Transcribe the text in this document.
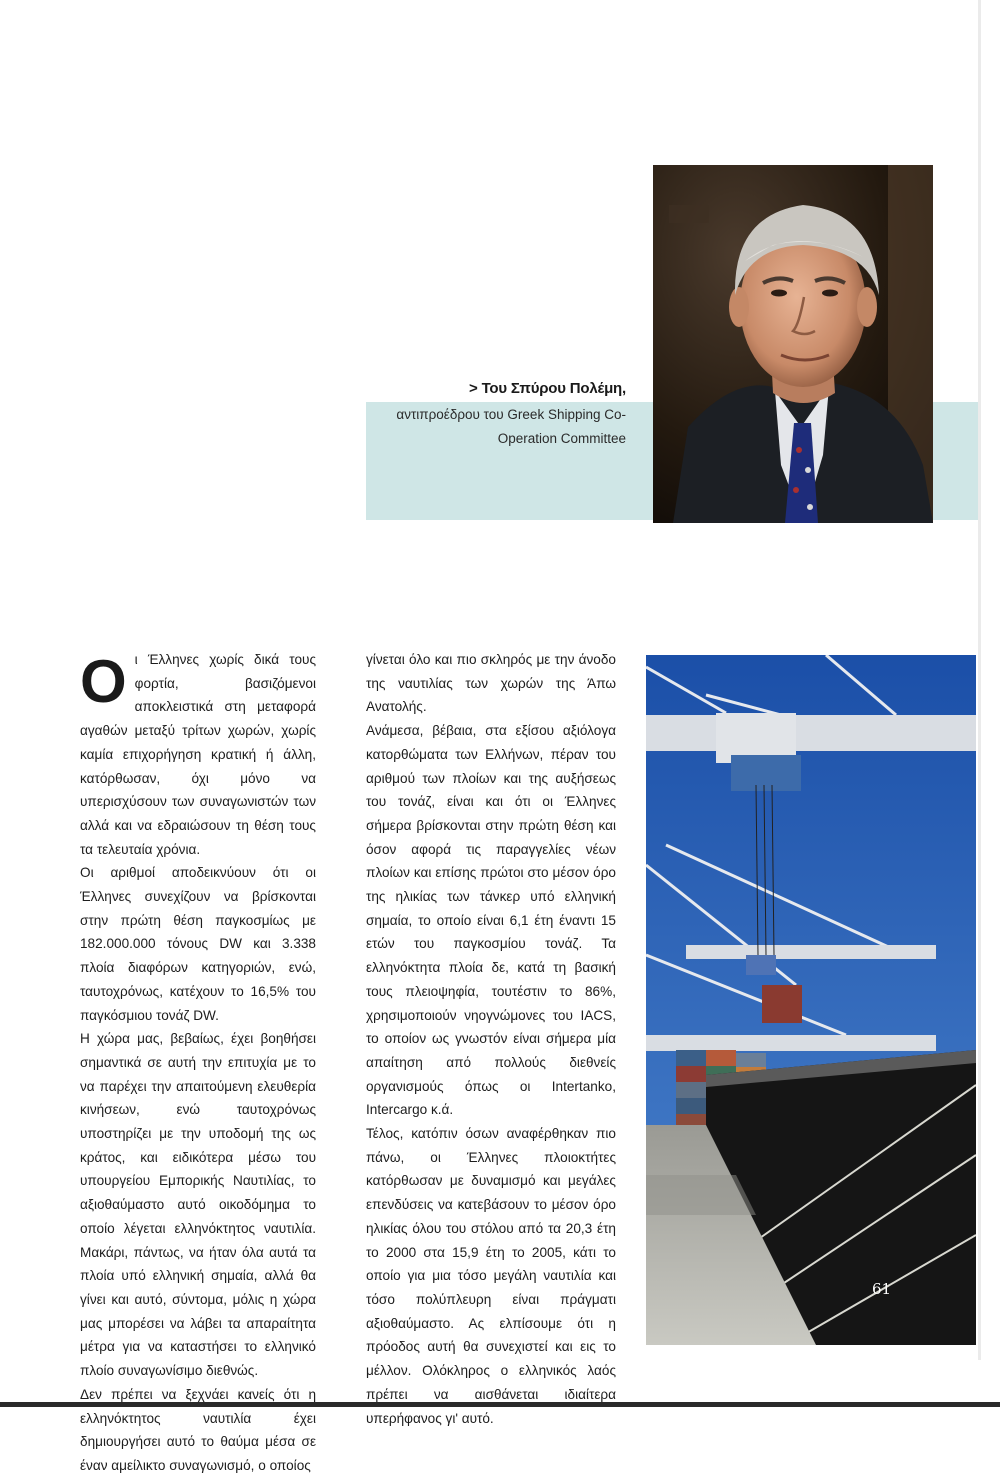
> Του Σπύρου Πολέμη,
αντιπροέδρου του Greek Shipping Co-
Operation Committee

Oι Έλληνες χωρίς δικά τους φορτία, βασιζόμενοι αποκλειστικά στη μεταφορά αγαθών μεταξύ τρίτων χωρών, χωρίς καμία επιχορήγηση κρατική ή άλλη, κατόρθωσαν, όχι μόνο να υπερισχύσουν των συναγωνιστών των αλλά και να εδραιώσουν τη θέση τους τα τελευταία χρόνια.

Οι αριθμοί αποδεικνύουν ότι οι Έλληνες συνεχίζουν να βρίσκονται στην πρώτη θέση παγκοσμίως με 182.000.000 τόνους DW και 3.338 πλοία διαφόρων κατηγοριών, ενώ, ταυτοχρόνως, κατέχουν το 16,5% του παγκόσμιου τονάζ DW.

Η χώρα μας, βεβαίως, έχει βοηθήσει σημαντικά σε αυτή την επιτυχία με το να παρέχει την απαιτούμενη ελευθερία κινήσεων, ενώ ταυτοχρόνως υποστηρίζει με την υποδομή της ως κράτος, και ειδικότερα μέσω του υπουργείου Εμπορικής Ναυτιλίας, το αξιοθαύμαστο αυτό οικοδόμημα το οποίο λέγεται ελληνόκτητος ναυτιλία. Μακάρι, πάντως, να ήταν όλα αυτά τα πλοία υπό ελληνική σημαία, αλλά θα γίνει και αυτό, σύντομα, μόλις η χώρα μας μπορέσει να λάβει τα απαραίτητα μέτρα για να καταστήσει το ελληνικό πλοίο συναγωνίσιμο διεθνώς.

Δεν πρέπει να ξεχνάει κανείς ότι η ελληνόκτητος ναυτιλία έχει δημιουργήσει αυτό το θαύμα μέσα σε έναν αμείλικτο συναγωνισμό, ο οποίος

γίνεται όλο και πιο σκληρός με την άνοδο της ναυτιλίας των χωρών της Άπω Ανατολής.

Ανάμεσα, βέβαια, στα εξίσου αξιόλογα κατορθώματα των Ελλήνων, πέραν του αριθμού των πλοίων και της αυξήσεως του τονάζ, είναι και ότι οι Έλληνες σήμερα βρίσκονται στην πρώτη θέση και όσον αφορά τις παραγγελίες νέων πλοίων και επίσης πρώτοι στο μέσον όρο της ηλικίας των τάνκερ υπό ελληνική σημαία, το οποίο είναι 6,1 έτη έναντι 15 ετών του παγκοσμίου τονάζ. Τα ελληνόκτητα πλοία δε, κατά τη βασική τους πλειοψηφία, τουτέστιν το 86%, χρησιμοποιούν νηογνώμονες του IACS, το οποίον ως γνωστόν είναι σήμερα μία απαίτηση από πολλούς διεθνείς οργανισμούς όπως οι Intertanko, Intercargo κ.ά.

Τέλος, κατόπιν όσων αναφέρθηκαν πιο πάνω, οι Έλληνες πλοιοκτήτες κατόρθωσαν με δυναμισμό και μεγάλες επενδύσεις να κατεβάσουν το μέσον όρο ηλικίας όλου του στόλου από τα 20,3 έτη το 2000 στα 15,9 έτη το 2005, κάτι το οποίο για μια τόσο μεγάλη ναυτιλία και τόσο πολύπλευρη είναι πράγματι αξιοθαύμαστο. Ας ελπίσουμε ότι η πρόοδος αυτή θα συνεχιστεί και εις το μέλλον. Ολόκληρος ο ελληνικός λαός πρέπει να αισθάνεται ιδιαίτερα υπερήφανος γι' αυτό.

61
